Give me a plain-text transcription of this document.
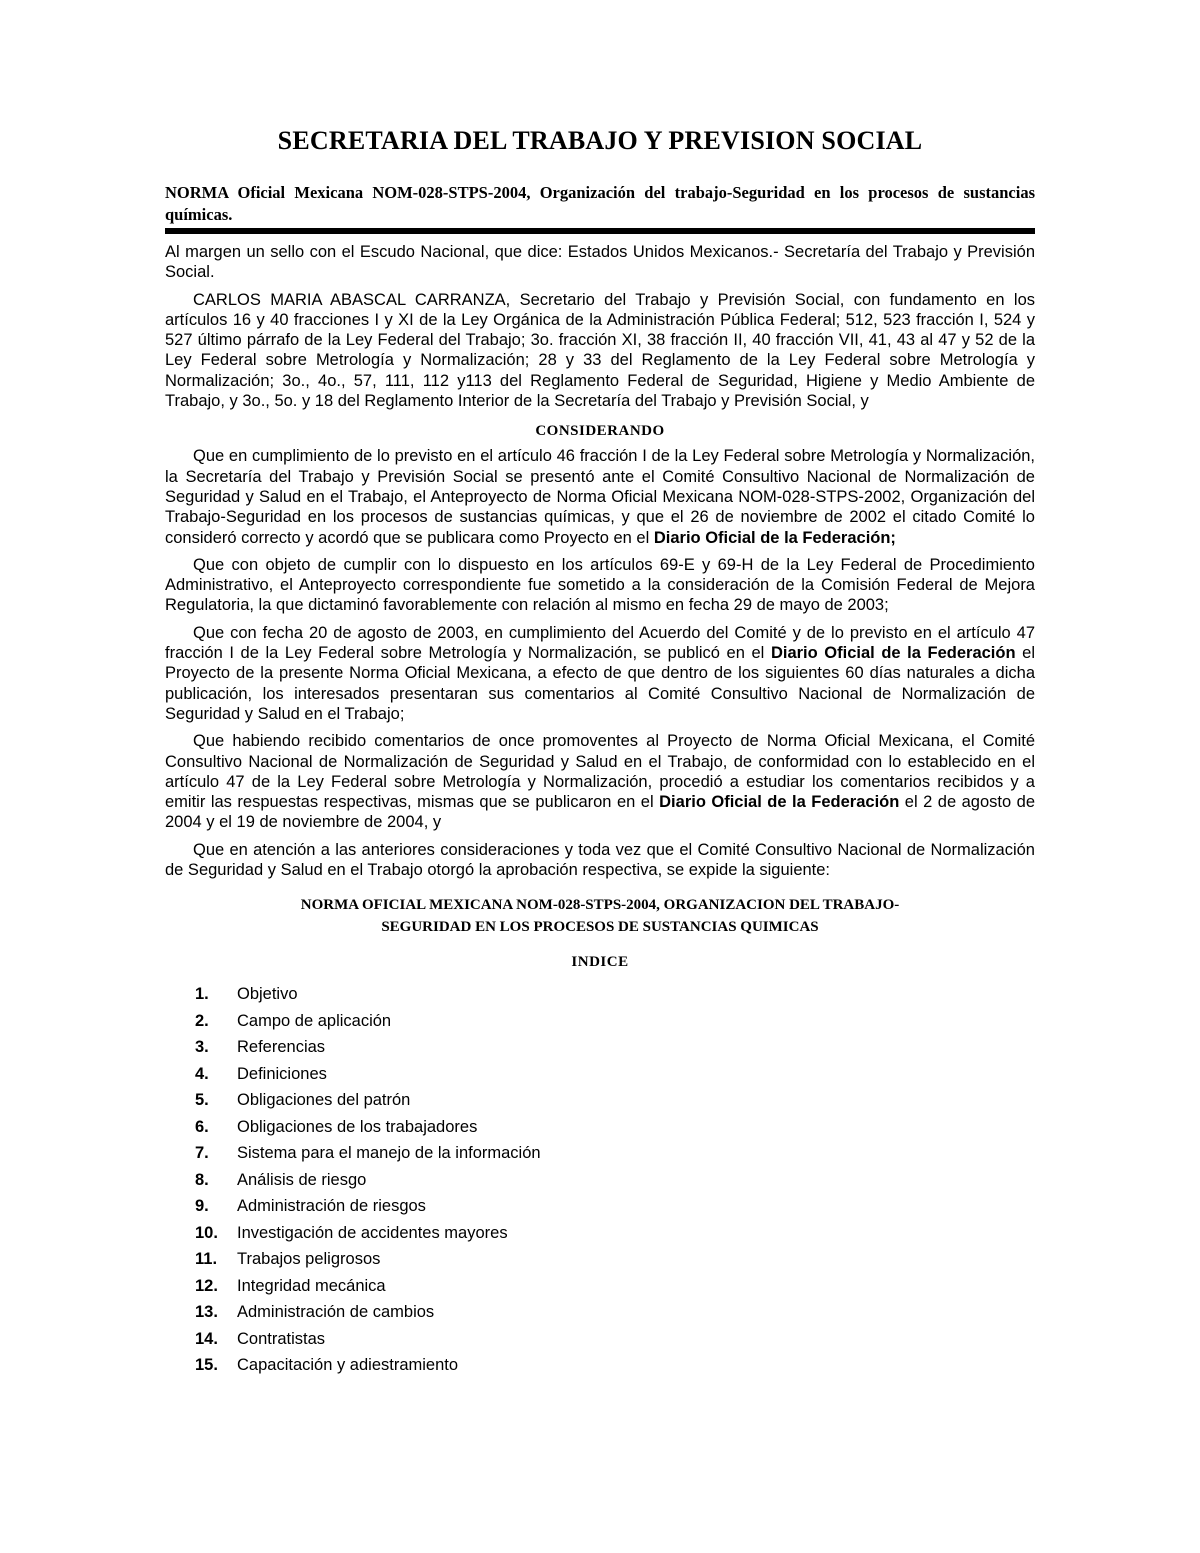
SECRETARIA DEL TRABAJO Y PREVISION SOCIAL

NORMA Oficial Mexicana NOM-028-STPS-2004, Organización del trabajo-Seguridad en los procesos de sustancias químicas.

Al margen un sello con el Escudo Nacional, que dice: Estados Unidos Mexicanos.- Secretaría del Trabajo y Previsión Social.

CARLOS MARIA ABASCAL CARRANZA, Secretario del Trabajo y Previsión Social, con fundamento en los artículos 16 y 40 fracciones I y XI de la Ley Orgánica de la Administración Pública Federal; 512, 523 fracción I, 524 y 527 último párrafo de la Ley Federal del Trabajo; 3o. fracción XI, 38 fracción II, 40 fracción VII, 41, 43 al 47 y 52 de la Ley Federal sobre Metrología y Normalización; 28 y 33 del Reglamento de la Ley Federal sobre Metrología y Normalización; 3o., 4o., 57, 111, 112 y113 del Reglamento Federal de Seguridad, Higiene y Medio Ambiente de Trabajo, y 3o., 5o. y 18 del Reglamento Interior de la Secretaría del Trabajo y Previsión Social, y

CONSIDERANDO

Que en cumplimiento de lo previsto en el artículo 46 fracción I de la Ley Federal sobre Metrología y Normalización, la Secretaría del Trabajo y Previsión Social se presentó ante el Comité Consultivo Nacional de Normalización de Seguridad y Salud en el Trabajo, el Anteproyecto de Norma Oficial Mexicana NOM-028-STPS-2002, Organización del Trabajo-Seguridad en los procesos de sustancias químicas, y que el 26 de noviembre de 2002 el citado Comité lo consideró correcto y acordó que se publicara como Proyecto en el Diario Oficial de la Federación;

Que con objeto de cumplir con lo dispuesto en los artículos 69-E y 69-H de la Ley Federal de Procedimiento Administrativo, el Anteproyecto correspondiente fue sometido a la consideración de la Comisión Federal de Mejora Regulatoria, la que dictaminó favorablemente con relación al mismo en fecha 29 de mayo de 2003;

Que con fecha 20 de agosto de 2003, en cumplimiento del Acuerdo del Comité y de lo previsto en el artículo 47 fracción I de la Ley Federal sobre Metrología y Normalización, se publicó en el Diario Oficial de la Federación el Proyecto de la presente Norma Oficial Mexicana, a efecto de que dentro de los siguientes 60 días naturales a dicha publicación, los interesados presentaran sus comentarios al Comité Consultivo Nacional de Normalización de Seguridad y Salud en el Trabajo;

Que habiendo recibido comentarios de once promoventes al Proyecto de Norma Oficial Mexicana, el Comité Consultivo Nacional de Normalización de Seguridad y Salud en el Trabajo, de conformidad con lo establecido en el artículo 47 de la Ley Federal sobre Metrología y Normalización, procedió a estudiar los comentarios recibidos y a emitir las respuestas respectivas, mismas que se publicaron en el Diario Oficial de la Federación el 2 de agosto de 2004 y el 19 de noviembre de 2004, y

Que en atención a las anteriores consideraciones y toda vez que el Comité Consultivo Nacional de Normalización de Seguridad y Salud en el Trabajo otorgó la aprobación respectiva, se expide la siguiente:

NORMA OFICIAL MEXICANA NOM-028-STPS-2004, ORGANIZACION DEL TRABAJO-
SEGURIDAD EN LOS PROCESOS DE SUSTANCIAS QUIMICAS
INDICE
1.	Objetivo
2.	Campo de aplicación
3.	Referencias
4.	Definiciones
5.	Obligaciones del patrón
6.	Obligaciones de los trabajadores
7.	Sistema para el manejo de la información
8.	Análisis de riesgo
9.	Administración de riesgos
10.	Investigación de accidentes mayores
11.	Trabajos peligrosos
12.	Integridad mecánica
13.	Administración de cambios
14.	Contratistas
15.	Capacitación y adiestramiento
